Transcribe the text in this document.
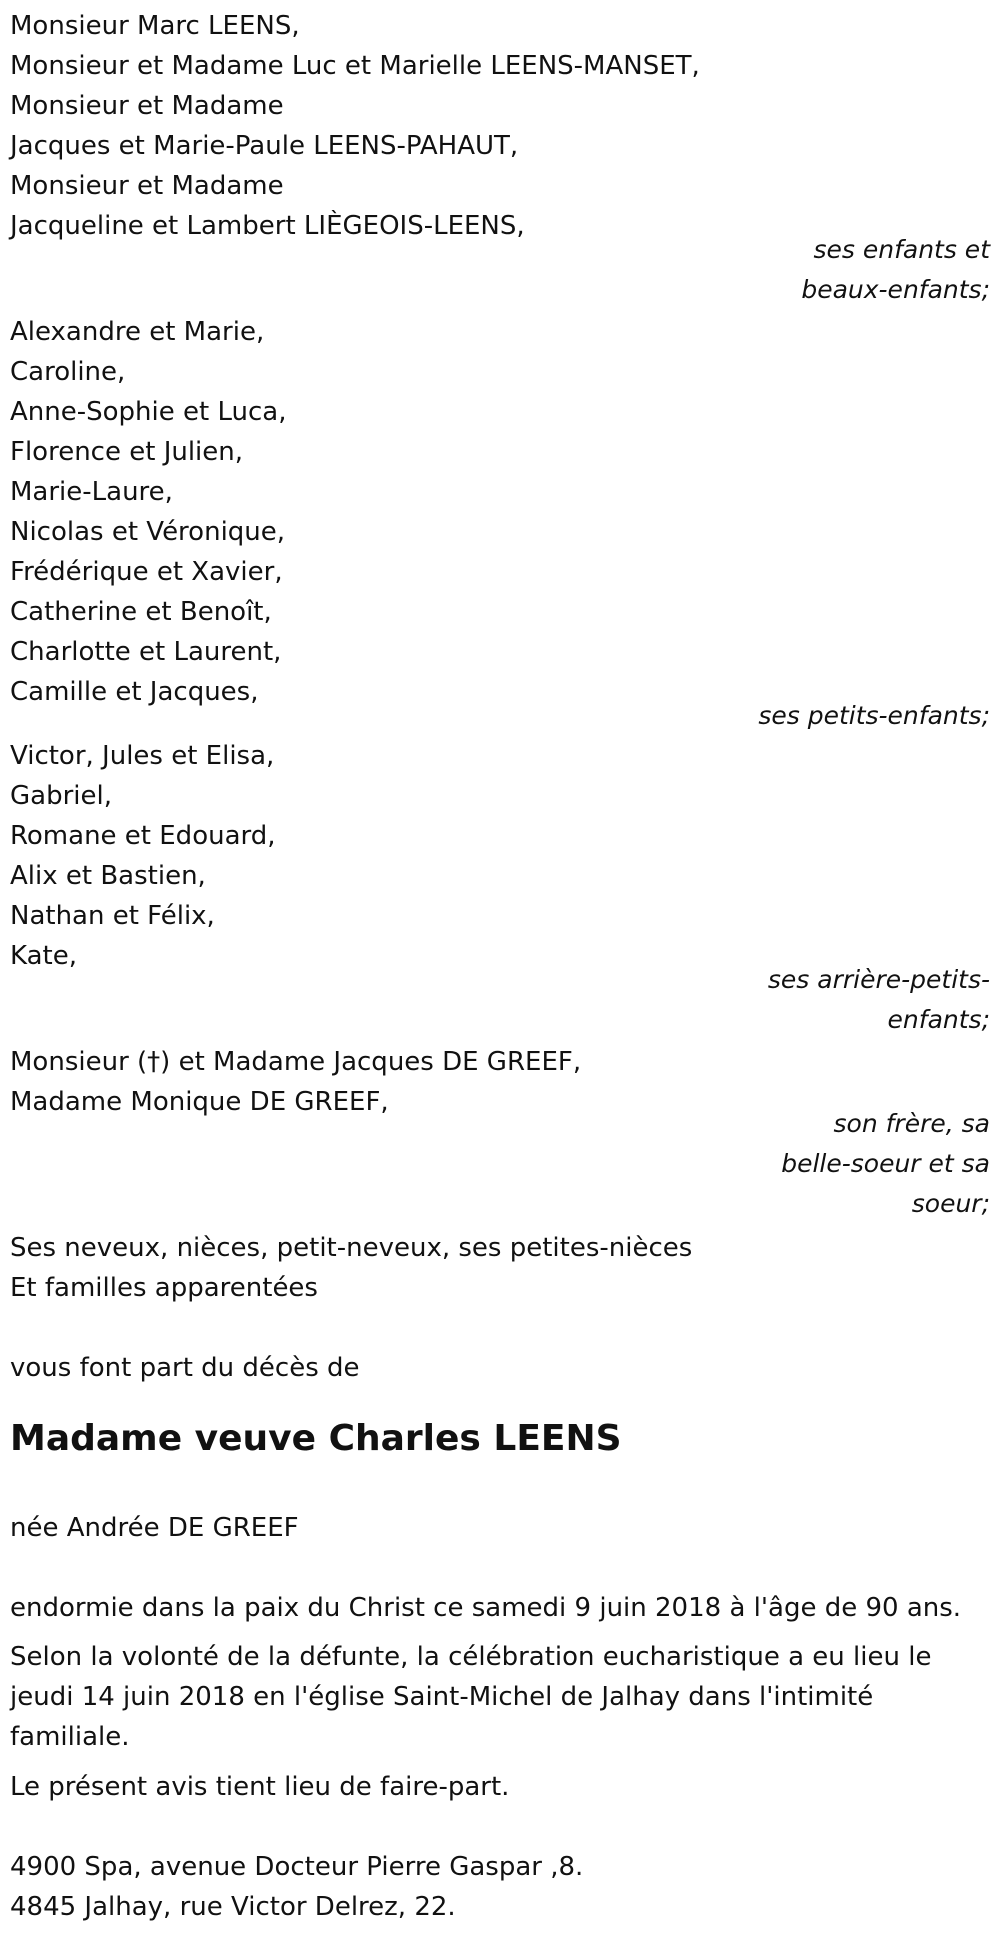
Monsieur Marc LEENS,
Monsieur et Madame Luc et Marielle LEENS-MANSET,
Monsieur et Madame
Jacques et Marie-Paule LEENS-PAHAUT,
Monsieur et Madame
Jacqueline et Lambert LIÈGEOIS-LEENS,
ses enfants et
beaux-enfants;
Alexandre et Marie,
Caroline,
Anne-Sophie et Luca,
Florence et Julien,
Marie-Laure,
Nicolas et Véronique,
Frédérique et Xavier,
Catherine et Benoît,
Charlotte et Laurent,
Camille et Jacques,
ses petits-enfants;
Victor, Jules et Elisa,
Gabriel,
Romane et Edouard,
Alix et Bastien,
Nathan et Félix,
Kate,
ses arrière-petits-
enfants;
Monsieur (†) et Madame Jacques DE GREEF,
Madame Monique DE GREEF,
son frère, sa
belle-soeur et sa
soeur;
Ses neveux, nièces, petit-neveux, ses petites-nièces
Et familles apparentées
vous font part du décès de
Madame veuve Charles LEENS
née Andrée DE GREEF
endormie dans la paix du Christ ce samedi 9 juin 2018 à l'âge de 90 ans.
Selon la volonté de la défunte, la célébration eucharistique a eu lieu le
jeudi 14 juin 2018 en l'église Saint-Michel de Jalhay dans l'intimité
familiale.
Le présent avis tient lieu de faire-part.
4900 Spa, avenue Docteur Pierre Gaspar ,8.
4845 Jalhay, rue Victor Delrez, 22.
